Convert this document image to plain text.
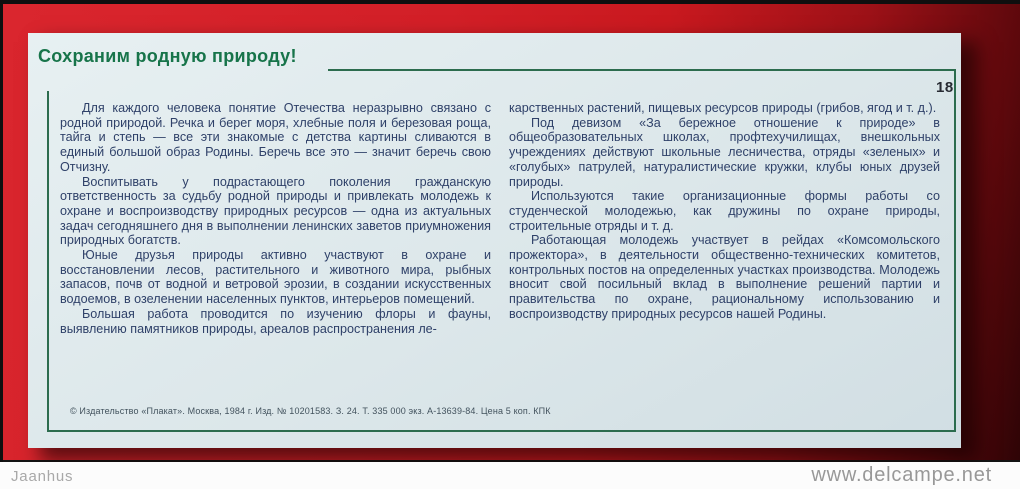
Сохраним родную природу!
18

Для каждого человека понятие Отечества неразрывно связано с родной природой. Речка и берег моря, хлебные поля и березовая роща, тайга и степь — все эти знакомые с детства картины сливаются в единый большой образ Родины. Беречь все это — значит беречь свою Отчизну.

Воспитывать у подрастающего поколения гражданскую ответственность за судьбу родной природы и привлекать молодежь к охране и воспроизводству природных ресурсов — одна из актуальных задач сегодняшнего дня в выполнении ленинских заветов приумножения природных богатств.

Юные друзья природы активно участвуют в охране и восстановлении лесов, растительного и животного мира, рыбных запасов, почв от водной и ветровой эрозии, в создании искусственных водоемов, в озеленении населенных пунктов, интерьеров помещений.

Большая работа проводится по изучению флоры и фауны, выявлению памятников природы, ареалов распространения ле-

карственных растений, пищевых ресурсов природы (грибов, ягод и т. д.).

Под девизом «За бережное отношение к природе» в общеобразовательных школах, профтехучилищах, внешкольных учреждениях действуют школьные лесничества, отряды «зеленых» и «голубых» патрулей, натуралистические кружки, клубы юных друзей природы.

Используются такие организационные формы работы со студенческой молодежью, как дружины по охране природы, строительные отряды и т. д.

Работающая молодежь участвует в рейдах «Комсомольского прожектора», в деятельности общественно-технических комитетов, контрольных постов на определенных участках производства. Молодежь вносит свой посильный вклад в выполнение решений партии и правительства по охране, рациональному использованию и воспроизводству природных ресурсов нашей Родины.

© Издательство «Плакат». Москва, 1984 г. Изд. № 10201583. З. 24. Т. 335 000 экз. А-13639-84. Цена 5 коп. КПК
Jaanhus	www.delcampe.net
